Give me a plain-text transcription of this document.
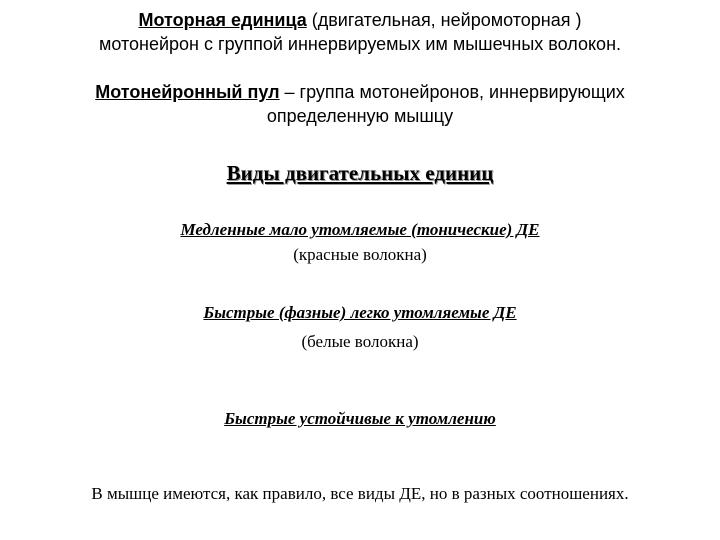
Моторная единица (двигательная, нейромоторная )
мотонейрон с группой иннервируемых им мышечных волокон.
Мотонейронный пул – группа мотонейронов, иннервирующих
определенную мышцу
Виды двигательных единиц
Медленные мало утомляемые (тонические) ДЕ
(красные волокна)
Быстрые (фазные) легко утомляемые ДЕ
(белые волокна)
Быстрые устойчивые к утомлению
В мышце имеются, как правило, все виды ДЕ, но в разных соотношениях.
